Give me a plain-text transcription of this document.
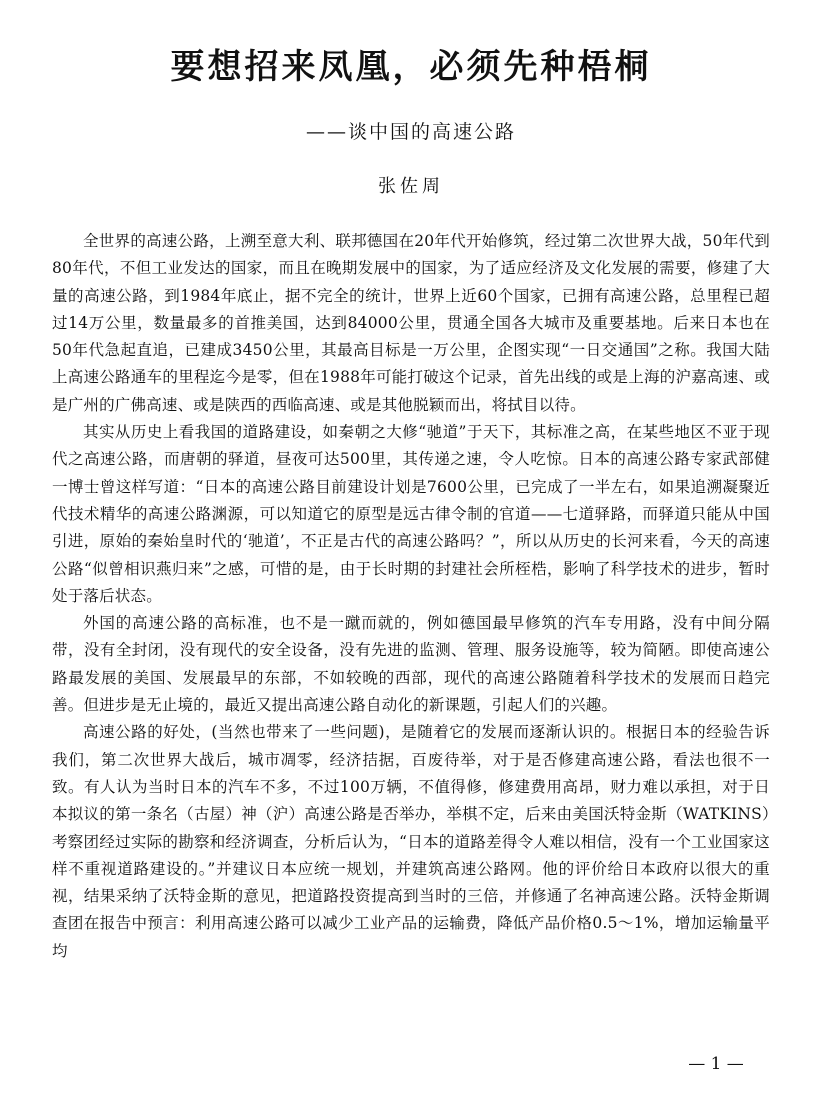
要想招来凤凰，必须先种梧桐
——谈中国的高速公路
张佐周

全世界的高速公路，上溯至意大利、联邦德国在20年代开始修筑，经过第二次世界大战，50年代到80年代，不但工业发达的国家，而且在晚期发展中的国家，为了适应经济及文化发展的需要，修建了大量的高速公路，到1984年底止，据不完全的统计，世界上近60个国家，已拥有高速公路，总里程已超过14万公里，数量最多的首推美国，达到84000公里，贯通全国各大城市及重要基地。后来日本也在50年代急起直追，已建成3450公里，其最高目标是一万公里，企图实现“一日交通国”之称。我国大陆上高速公路通车的里程迄今是零，但在1988年可能打破这个记录，首先出线的或是上海的沪嘉高速、或是广州的广佛高速、或是陕西的西临高速、或是其他脱颖而出，将拭目以待。

其实从历史上看我国的道路建设，如秦朝之大修“驰道”于天下，其标准之高，在某些地区不亚于现代之高速公路，而唐朝的驿道，昼夜可达500里，其传递之速，令人吃惊。日本的高速公路专家武部健一博士曾这样写道：“日本的高速公路目前建设计划是7600公里，已完成了一半左右，如果追溯凝聚近代技术精华的高速公路渊源，可以知道它的原型是远古律令制的官道——七道驿路，而驿道只能从中国引进，原始的秦始皇时代的‘驰道’，不正是古代的高速公路吗？”，所以从历史的长河来看，今天的高速公路“似曾相识燕归来”之感，可惜的是，由于长时期的封建社会所桎梏，影响了科学技术的进步，暂时处于落后状态。

外国的高速公路的高标准，也不是一蹴而就的，例如德国最早修筑的汽车专用路，没有中间分隔带，没有全封闭，没有现代的安全设备，没有先进的监测、管理、服务设施等，较为简陋。即使高速公路最发展的美国、发展最早的东部，不如较晚的西部，现代的高速公路随着科学技术的发展而日趋完善。但进步是无止境的，最近又提出高速公路自动化的新课题，引起人们的兴趣。

高速公路的好处，(当然也带来了一些问题)，是随着它的发展而逐渐认识的。根据日本的经验告诉我们，第二次世界大战后，城市凋零，经济拮据，百废待举，对于是否修建高速公路，看法也很不一致。有人认为当时日本的汽车不多，不过100万辆，不值得修，修建费用高昂，财力难以承担，对于日本拟议的第一条名（古屋）神（沪）高速公路是否举办，举棋不定，后来由美国沃特金斯（WATKINS）考察团经过实际的勘察和经济调查，分析后认为，“日本的道路差得令人难以相信，没有一个工业国家这样不重视道路建设的。”并建议日本应统一规划，并建筑高速公路网。他的评价给日本政府以很大的重视，结果采纳了沃特金斯的意见，把道路投资提高到当时的三倍，并修通了名神高速公路。沃特金斯调查团在报告中预言：利用高速公路可以减少工业产品的运输费，降低产品价格0.5～1%，增加运输量平均

— 1 —
